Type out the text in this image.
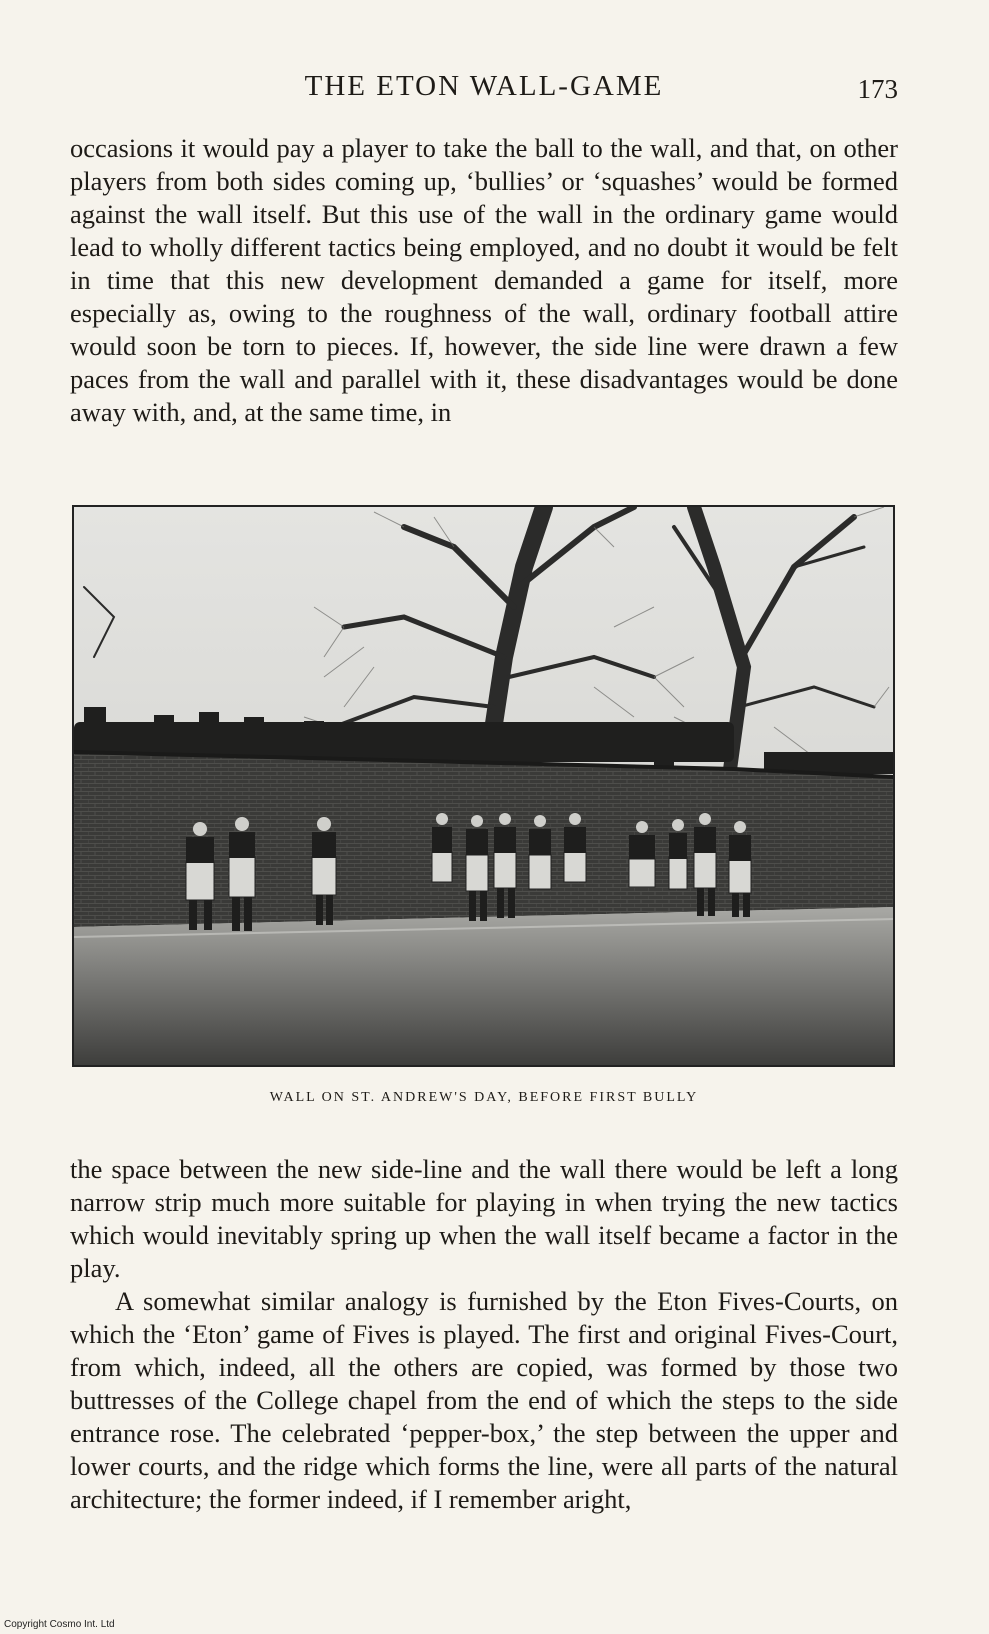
THE ETON WALL-GAME	173

occasions it would pay a player to take the ball to the wall, and that, on other players from both sides coming up, ‘bullies’ or ‘squashes’ would be formed against the wall itself. But this use of the wall in the ordinary game would lead to wholly different tactics being employed, and no doubt it would be felt in time that this new development demanded a game for itself, more especially as, owing to the roughness of the wall, ordinary football attire would soon be torn to pieces. If, however, the side line were drawn a few paces from the wall and parallel with it, these disadvantages would be done away with, and, at the same time, in

WALL ON ST. ANDREW'S DAY, BEFORE FIRST BULLY

the space between the new side-line and the wall there would be left a long narrow strip much more suitable for playing in when trying the new tactics which would inevitably spring up when the wall itself became a factor in the play.

A somewhat similar analogy is furnished by the Eton Fives-Courts, on which the ‘Eton’ game of Fives is played. The first and original Fives-Court, from which, indeed, all the others are copied, was formed by those two buttresses of the College chapel from the end of which the steps to the side entrance rose. The celebrated ‘pepper-box,’ the step between the upper and lower courts, and the ridge which forms the line, were all parts of the natural architecture; the former indeed, if I remember aright,

Copyright Cosmo Int. Ltd
